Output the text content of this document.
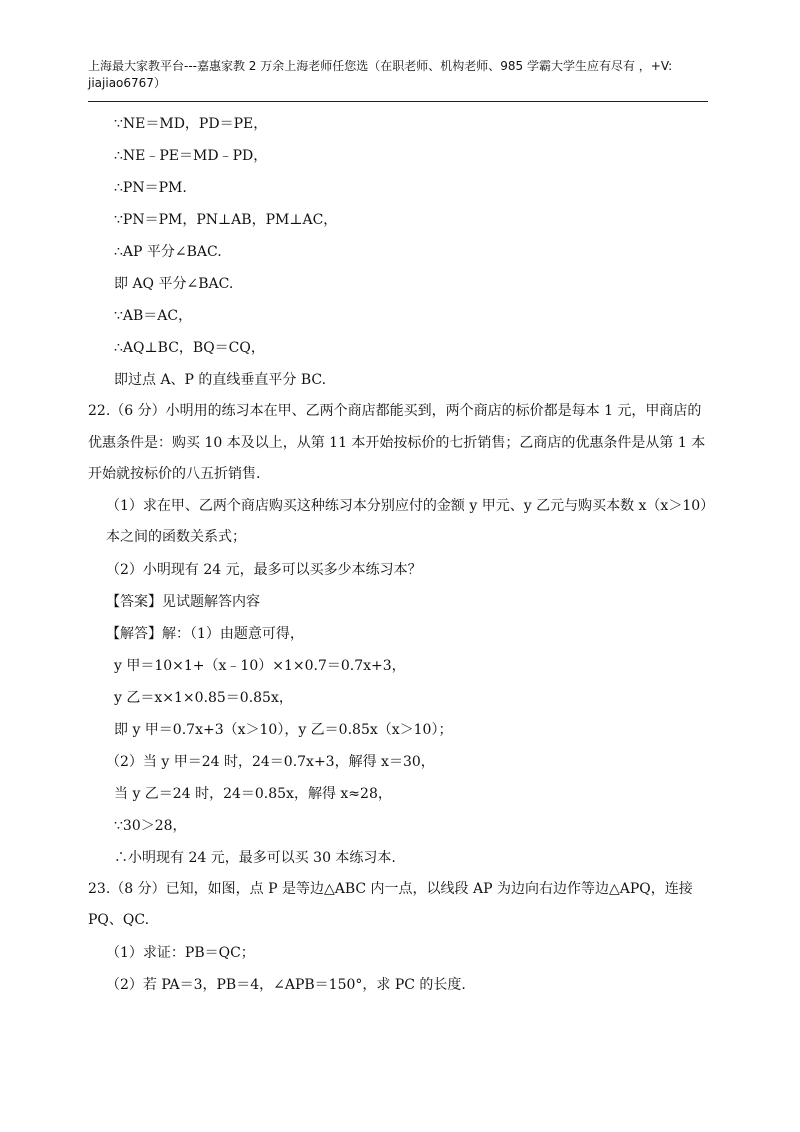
上海最大家教平台---嘉惠家教 2 万余上海老师任您选（在职老师、机构老师、985 学霸大学生应有尽有 ，+V: jiajiao6767）
∵NE＝MD，PD＝PE，
∴NE﹣PE＝MD﹣PD，
∴PN＝PM.
∵PN＝PM，PN⊥AB，PM⊥AC，
∴AP 平分∠BAC.
即 AQ 平分∠BAC.
∵AB＝AC，
∴AQ⊥BC，BQ＝CQ，
即过点 A、P 的直线垂直平分 BC.
22.（6 分）小明用的练习本在甲、乙两个商店都能买到，两个商店的标价都是每本 1 元，甲商店的优惠条件是：购买 10 本及以上，从第 11 本开始按标价的七折销售；乙商店的优惠条件是从第 1 本开始就按标价的八五折销售.
（1）求在甲、乙两个商店购买这种练习本分别应付的金额 y 甲元、y 乙元与购买本数 x（x＞10）本之间的函数关系式；
（2）小明现有 24 元，最多可以买多少本练习本？
【答案】见试题解答内容
【解答】解：（1）由题意可得，
y 甲＝10×1+（x﹣10）×1×0.7＝0.7x+3，
y 乙＝x×1×0.85＝0.85x，
即 y 甲＝0.7x+3（x＞10），y 乙＝0.85x（x＞10）；
（2）当 y 甲＝24 时，24＝0.7x+3，解得 x＝30，
当 y 乙＝24 时，24＝0.85x，解得 x≈28，
∵30＞28，
∴小明现有 24 元，最多可以买 30 本练习本.
23.（8 分）已知，如图，点 P 是等边△ABC 内一点，以线段 AP 为边向右边作等边△APQ，连接 PQ、QC.
（1）求证：PB＝QC；
（2）若 PA＝3，PB＝4，∠APB＝150°，求 PC 的长度.
